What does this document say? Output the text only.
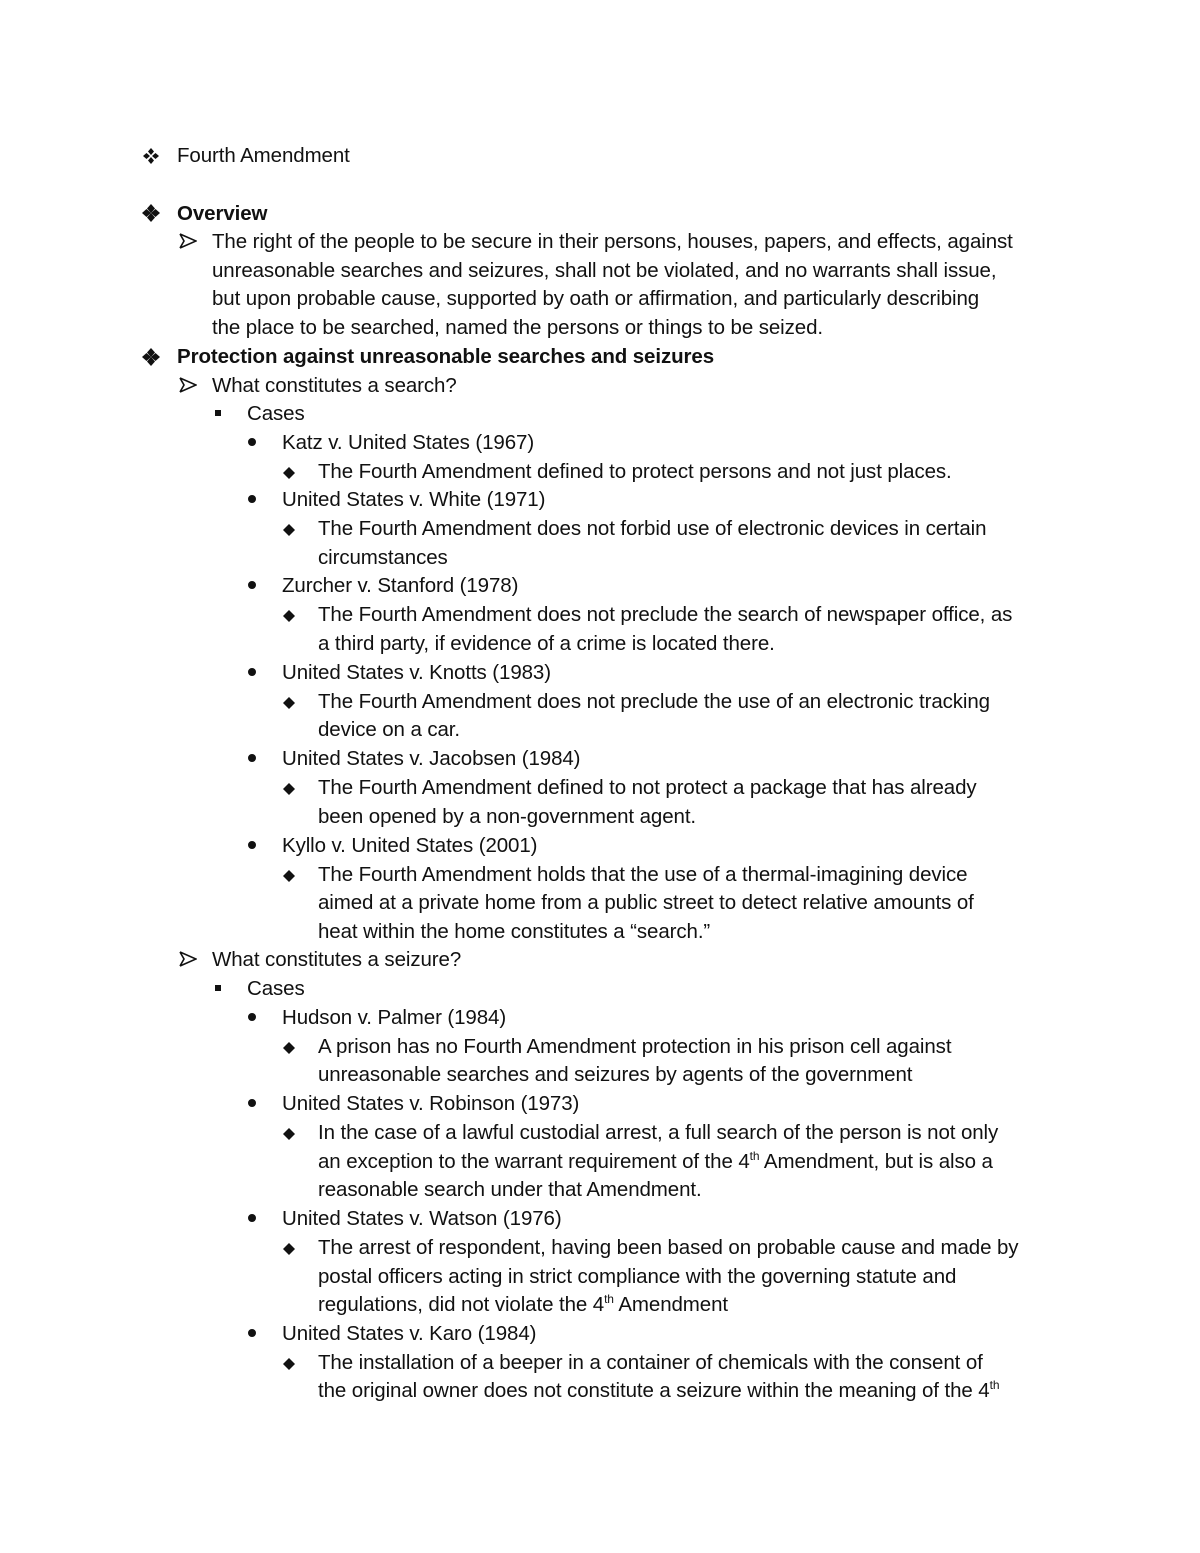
Fourth Amendment
Overview
The right of the people to be secure in their persons, houses, papers, and effects, against
unreasonable searches and seizures, shall not be violated, and no warrants shall issue,
but upon probable cause, supported by oath or affirmation, and particularly describing
the place to be searched, named the persons or things to be seized.
Protection against unreasonable searches and seizures
What constitutes a search?
Cases
Katz v. United States (1967)
The Fourth Amendment defined to protect persons and not just places.
United States v. White (1971)
The Fourth Amendment does not forbid use of electronic devices in certain
circumstances
Zurcher v. Stanford (1978)
The Fourth Amendment does not preclude the search of newspaper office, as
a third party, if evidence of a crime is located there.
United States v. Knotts (1983)
The Fourth Amendment does not preclude the use of an electronic tracking
device on a car.
United States v. Jacobsen (1984)
The Fourth Amendment defined to not protect a package that has already
been opened by a non-government agent.
Kyllo v. United States (2001)
The Fourth Amendment holds that the use of a thermal-imagining device
aimed at a private home from a public street to detect relative amounts of
heat within the home constitutes a “search.”
What constitutes a seizure?
Cases
Hudson v. Palmer (1984)
A prison has no Fourth Amendment protection in his prison cell against
unreasonable searches and seizures by agents of the government
United States v. Robinson (1973)
In the case of a lawful custodial arrest, a full search of the person is not only
an exception to the warrant requirement of the 4th Amendment, but is also a
reasonable search under that Amendment.
United States v. Watson (1976)
The arrest of respondent, having been based on probable cause and made by
postal officers acting in strict compliance with the governing statute and
regulations, did not violate the 4th Amendment
United States v. Karo (1984)
The installation of a beeper in a container of chemicals with the consent of
the original owner does not constitute a seizure within the meaning of the 4th
